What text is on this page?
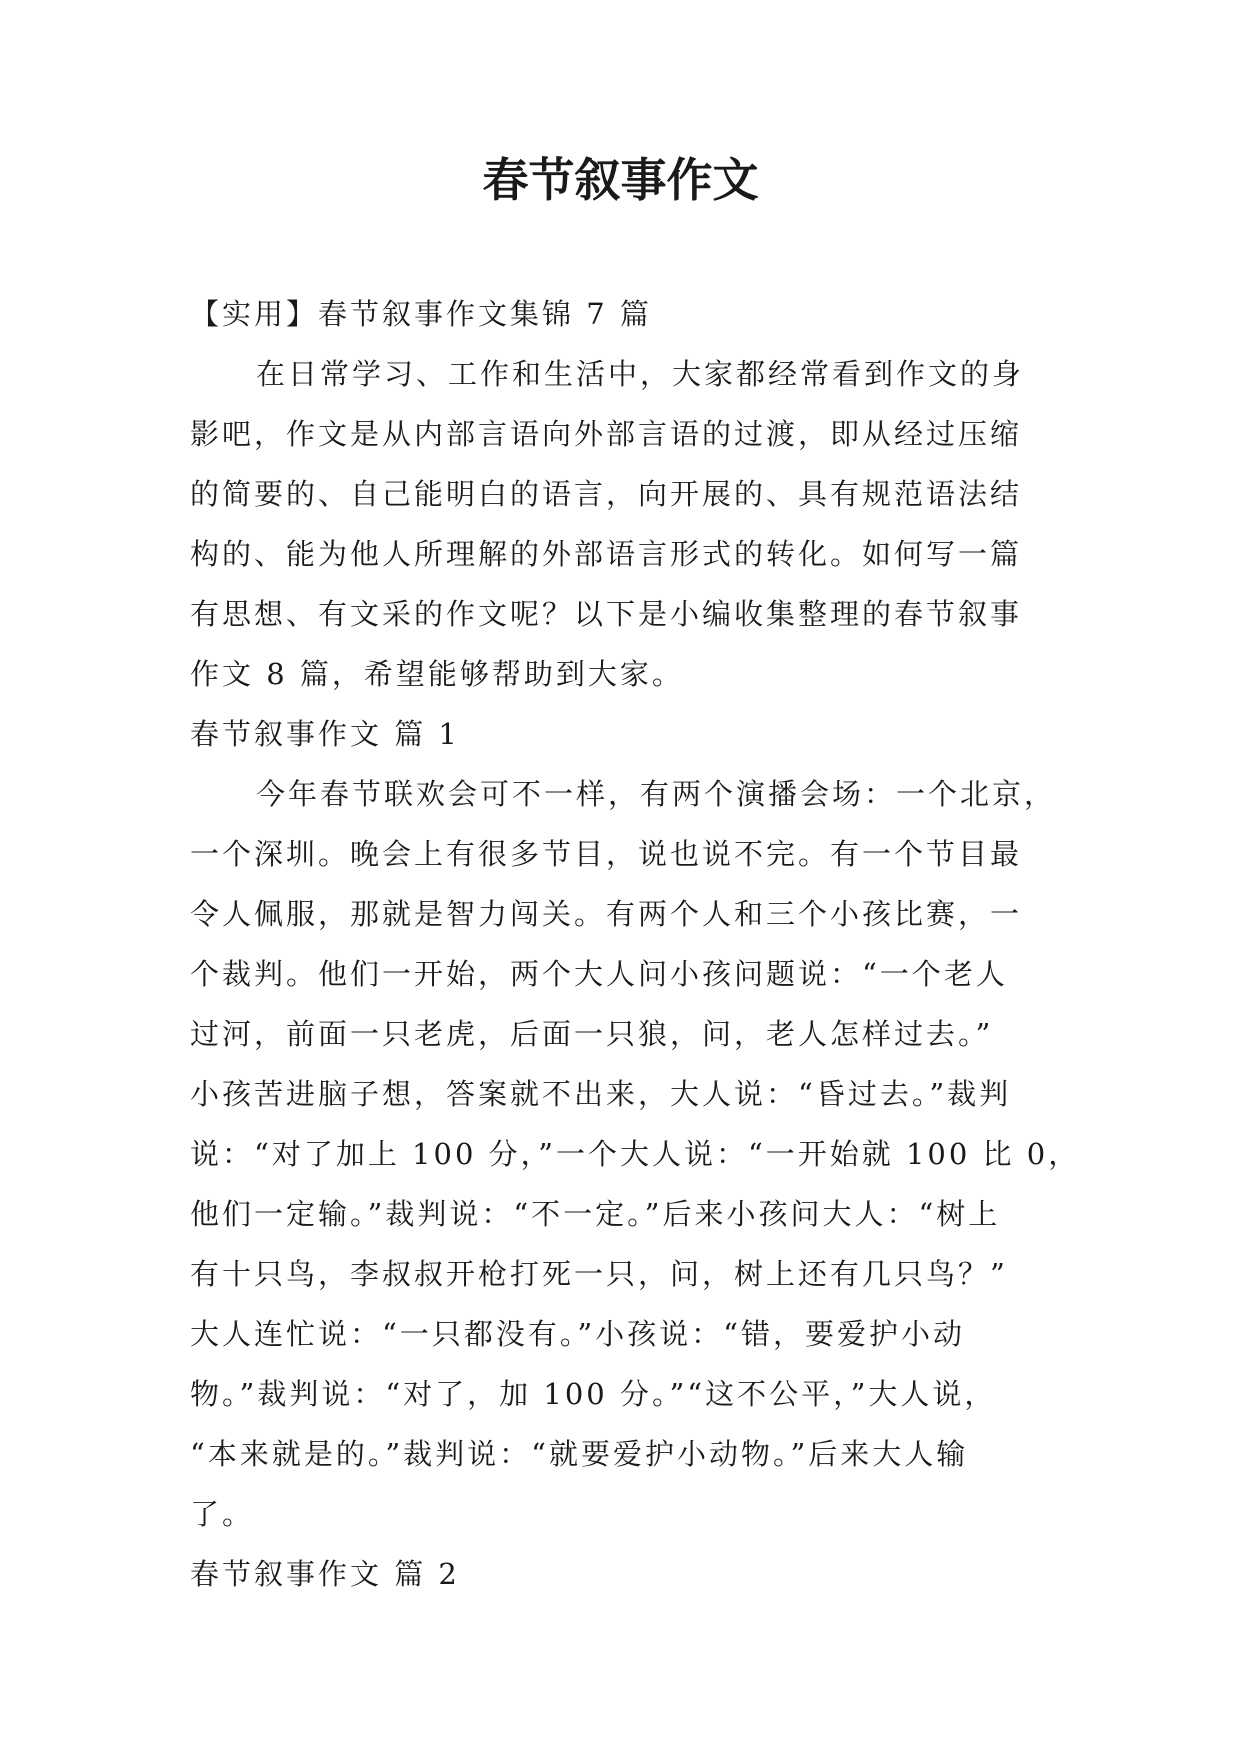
春节叙事作文
【实用】春节叙事作文集锦 7 篇
在日常学习、工作和生活中，大家都经常看到作文的身
影吧，作文是从内部言语向外部言语的过渡，即从经过压缩
的简要的、自己能明白的语言，向开展的、具有规范语法结
构的、能为他人所理解的外部语言形式的转化。如何写一篇
有思想、有文采的作文呢？以下是小编收集整理的春节叙事
作文 8 篇，希望能够帮助到大家。
春节叙事作文 篇 1
今年春节联欢会可不一样，有两个演播会场：一个北京，
一个深圳。晚会上有很多节目，说也说不完。有一个节目最
令人佩服，那就是智力闯关。有两个人和三个小孩比赛，一
个裁判。他们一开始，两个大人问小孩问题说：“一个老人
过河，前面一只老虎，后面一只狼，问，老人怎样过去。”
小孩苦进脑子想，答案就不出来，大人说：“昏过去。”裁判
说：“对了加上 100 分，”一个大人说：“一开始就 100 比 0，
他们一定输。”裁判说：“不一定。”后来小孩问大人：“树上
有十只鸟，李叔叔开枪打死一只，问，树上还有几只鸟？”
大人连忙说：“一只都没有。”小孩说：“错，要爱护小动
物。”裁判说：“对了，加 100 分。”“这不公平，”大人说，
“本来就是的。”裁判说：“就要爱护小动物。”后来大人输
了。
春节叙事作文 篇 2
